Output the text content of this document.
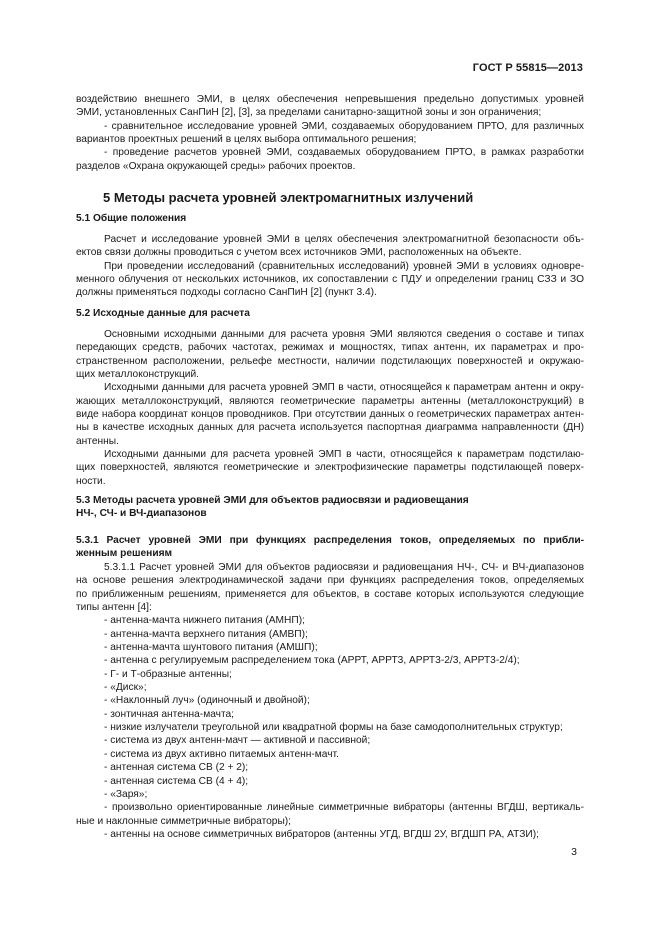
ГОСТ Р 55815—2013
воздействию внешнего ЭМИ, в целях обеспечения непревышения предельно допустимых уровней
ЭМИ, установленных СанПиН [2], [3], за пределами санитарно-защитной зоны и зон ограничения;
- сравнительное исследование уровней ЭМИ, создаваемых оборудованием ПРТО, для различных
вариантов проектных решений в целях выбора оптимального решения;
- проведение расчетов уровней ЭМИ, создаваемых оборудованием ПРТО, в рамках разработки
разделов «Охрана окружающей среды» рабочих проектов.
5 Методы расчета уровней электромагнитных излучений
5.1 Общие положения
Расчет и исследование уровней ЭМИ в целях обеспечения электромагнитной безопасности объ-
ектов связи должны проводиться с учетом всех источников ЭМИ, расположенных на объекте.
При проведении исследований (сравнительных исследований) уровней ЭМИ в условиях одновре-
менного облучения от нескольких источников, их сопоставлении с ПДУ и определении границ СЗЗ и ЗО
должны применяться подходы согласно СанПиН [2] (пункт 3.4).
5.2 Исходные данные для расчета
Основными исходными данными для расчета уровня ЭМИ являются сведения о составе и типах
передающих средств, рабочих частотах, режимах и мощностях, типах антенн, их параметрах и про-
странственном расположении, рельефе местности, наличии подстилающих поверхностей и окружаю-
щих металлоконструкций.
Исходными данными для расчета уровней ЭМП в части, относящейся к параметрам антенн и окру-
жающих металлоконструкций, являются геометрические параметры антенны (металлоконструкций) в
виде набора координат концов проводников. При отсутствии данных о геометрических параметрах антен-
ны в качестве исходных данных для расчета используется паспортная диаграмма направленности (ДН)
антенны.
Исходными данными для расчета уровней ЭМП в части, относящейся к параметрам подстилаю-
щих поверхностей, являются геометрические и электрофизические параметры подстилающей поверх-
ности.
5.3 Методы расчета уровней ЭМИ для объектов радиосвязи и радиовещания
НЧ-, СЧ- и ВЧ-диапазонов
5.3.1 Расчет уровней ЭМИ при функциях распределения токов, определяемых по прибли-
женным решениям
5.3.1.1 Расчет уровней ЭМИ для объектов радиосвязи и радиовещания НЧ-, СЧ- и ВЧ-диапазонов
на основе решения электродинамической задачи при функциях распределения токов, определяемых
по приближенным решениям, применяется для объектов, в составе которых используются следующие
типы антенн [4]:
- антенна-мачта нижнего питания (АМНП);
- антенна-мачта верхнего питания (АМВП);
- антенна-мачта шунтового питания (АМШП);
- антенна с регулируемым распределением тока (АРРТ, АРРТ3, АРРТ3-2/3, АРРТ3-2/4);
- Г- и Т-образные антенны;
- «Диск»;
- «Наклонный луч» (одиночный и двойной);
- зонтичная антенна-мачта;
- низкие излучатели треугольной или квадратной формы на базе самодополнительных структур;
- система из двух антенн-мачт — активной и пассивной;
- система из двух активно питаемых антенн-мачт.
- антенная система СВ (2 + 2);
- антенная система СВ (4 + 4);
- «Заря»;
- произвольно ориентированные линейные симметричные вибраторы (антенны ВГДШ, вертикаль-
ные и наклонные симметричные вибраторы);
- антенны на основе симметричных вибраторов (антенны УГД, ВГДШ 2У, ВГДШП РА, АТЗИ);
3
